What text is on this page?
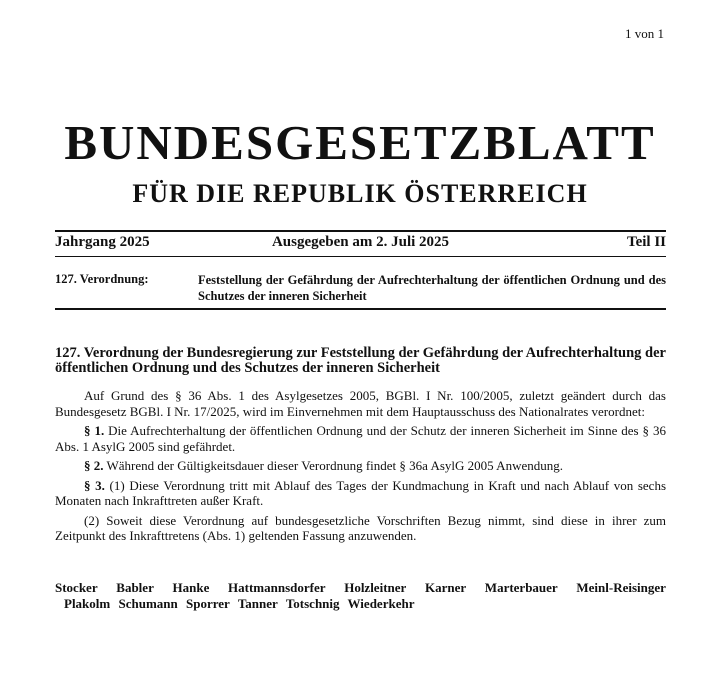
1 von 1
BUNDESGESETZBLATT
FÜR DIE REPUBLIK ÖSTERREICH
Jahrgang 2025	Ausgegeben am 2. Juli 2025	Teil II
127. Verordnung:	Feststellung der Gefährdung der Aufrechterhaltung der öffentlichen Ordnung und des Schutzes der inneren Sicherheit
127. Verordnung der Bundesregierung zur Feststellung der Gefährdung der Aufrechterhaltung der öffentlichen Ordnung und des Schutzes der inneren Sicherheit

Auf Grund des § 36 Abs. 1 des Asylgesetzes 2005, BGBl. I Nr. 100/2005, zuletzt geändert durch das Bundesgesetz BGBl. I Nr. 17/2025, wird im Einvernehmen mit dem Hauptausschuss des Nationalrates verordnet:

§ 1. Die Aufrechterhaltung der öffentlichen Ordnung und der Schutz der inneren Sicherheit im Sinne des § 36 Abs. 1 AsylG 2005 sind gefährdet.

§ 2. Während der Gültigkeitsdauer dieser Verordnung findet § 36a AsylG 2005 Anwendung.

§ 3. (1) Diese Verordnung tritt mit Ablauf des Tages der Kundmachung in Kraft und nach Ablauf von sechs Monaten nach Inkrafttreten außer Kraft.

(2) Soweit diese Verordnung auf bundesgesetzliche Vorschriften Bezug nimmt, sind diese in ihrer zum Zeitpunkt des Inkrafttretens (Abs. 1) geltenden Fassung anzuwenden.

Stocker Babler Hanke Hattmannsdorfer Holzleitner Karner Marterbauer Meinl-Reisinger
Plakolm Schumann Sporrer Tanner Totschnig Wiederkehr
